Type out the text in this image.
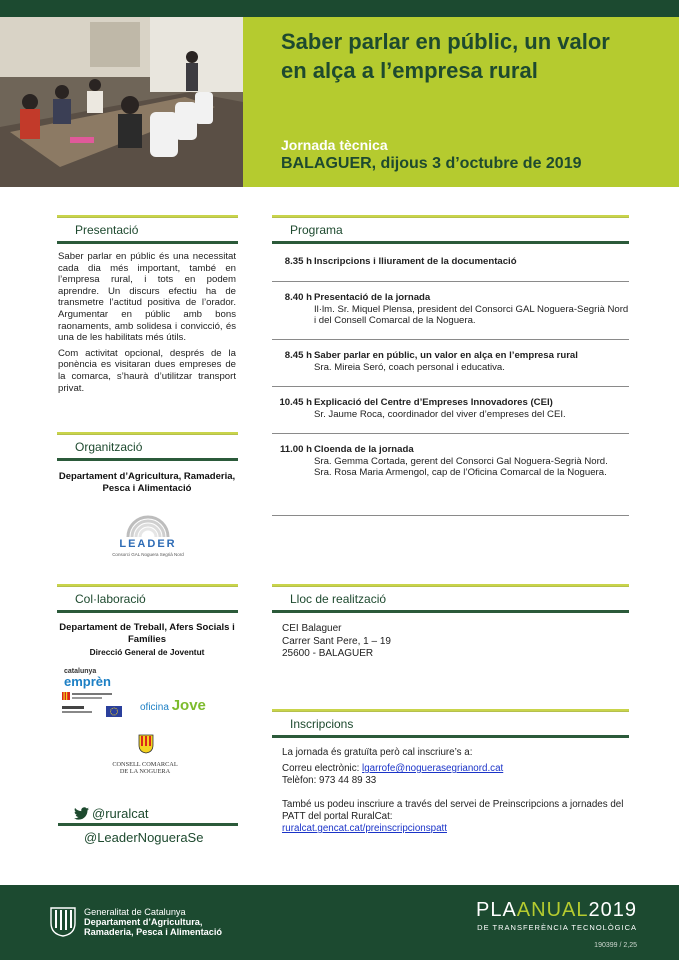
Saber parlar en públic, un valor en alça a l’empresa rural
Jornada tècnica
BALAGUER, dijous 3 d’octubre de 2019
Presentació

Saber parlar en públic és una necessitat cada dia més important, també en l’empresa rural, i tots en podem aprendre. Un discurs efectiu ha de transmetre l’actitud positiva de l’orador. Argumentar en públic amb bons raonaments, amb solidesa i convicció, és una de les habilitats més útils.

Com activitat opcional, després de la ponència es visitaran dues empreses de la comarca, s’haurà d’utilitzar transport privat.

Organització
Departament d’Agricultura, Ramaderia, Pesca i Alimentació
LEADER
Consorci GAL Noguera Segrià Nord
Col·laboració
Departament de Treball, Afers Socials i Famílies
Direcció General de Joventut
catalunya
emprèn
oficina Jove
CONSELL COMARCAL DE LA NOGUERA
@ruralcat
@LeaderNogueraSe
Programa
8.35 h Inscripcions i lliurament de la documentació
8.40 h Presentació de la jornada
Il·lm. Sr. Miquel Plensa, president del Consorci GAL Noguera-Segrià Nord i del Consell Comarcal de la Noguera.
8.45 h Saber parlar en públic, un valor en alça en l’empresa rural
Sra. Mireia Seró, coach personal i educativa.
10.45 h Explicació del Centre d’Empreses Innovadores (CEI)
Sr. Jaume Roca, coordinador del viver d’empreses del CEI.
11.00 h Cloenda de la jornada
Sra. Gemma Cortada, gerent del Consorci Gal Noguera-Segrià Nord.
Sra. Rosa Maria Armengol, cap de l’Oficina Comarcal de la Noguera.
Lloc de realització
CEI Balaguer
Carrer Sant Pere, 1 – 19
25600 - BALAGUER
Inscripcions
La jornada és gratuïta però cal inscriure’s a:
Correu electrònic: lgarrofe@noguerasegrianord.cat
Telèfon: 973 44 89 33
També us podeu inscriure a través del servei de Preinscripcions a jornades del PATT del portal RuralCat:
ruralcat.gencat.cat/preinscripcionspatt
Generalitat de Catalunya
Departament d’Agricultura,
Ramaderia, Pesca i Alimentació
PLAANUAL2019
DE TRANSFERÈNCIA TECNOLÒGICA
190399 / 2,25
